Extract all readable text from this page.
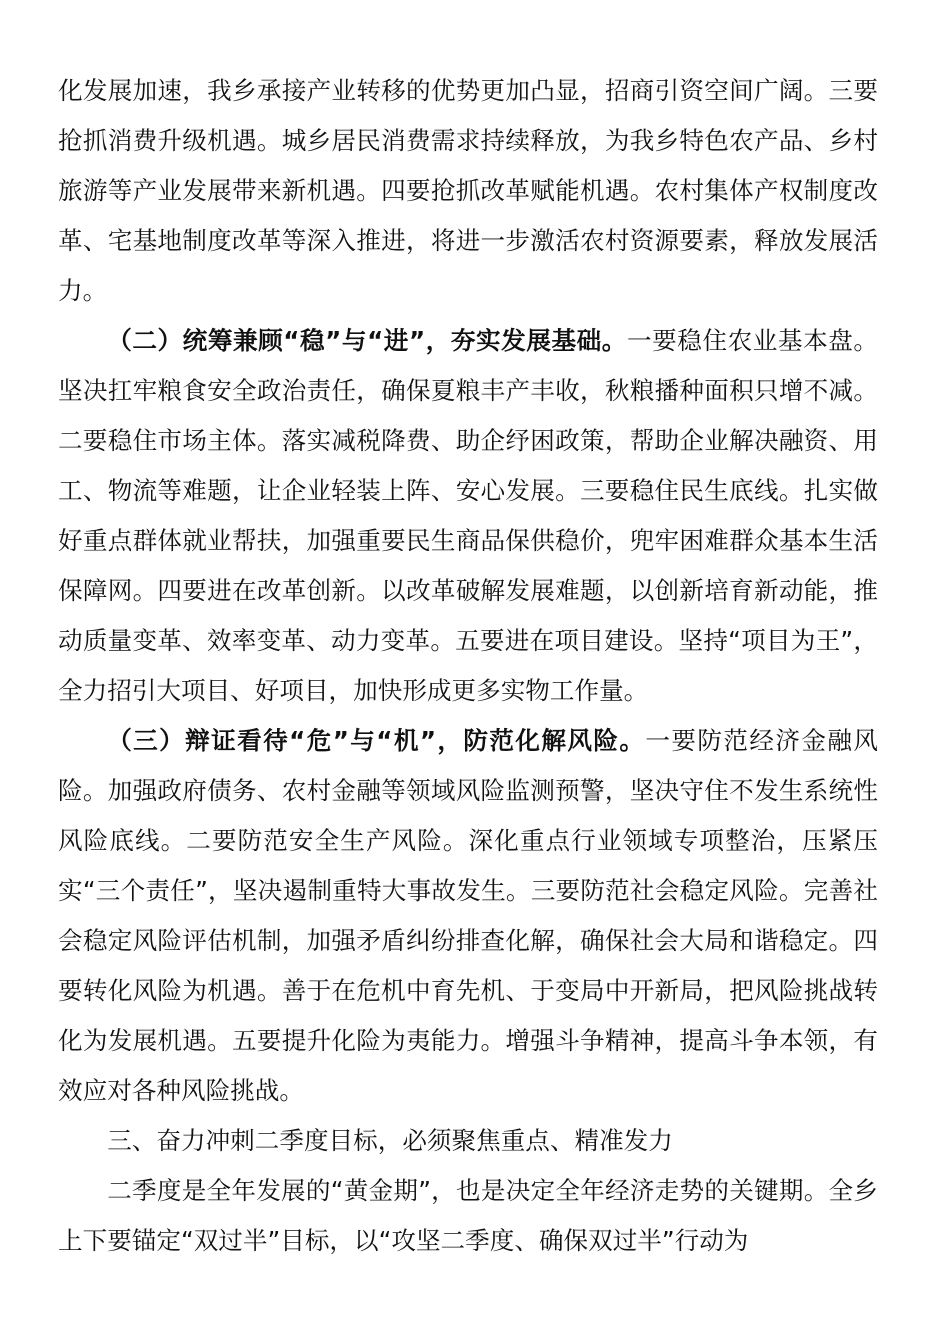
化发展加速，我乡承接产业转移的优势更加凸显，招商引资空间广阔。三要抢抓消费升级机遇。城乡居民消费需求持续释放，为我乡特色农产品、乡村旅游等产业发展带来新机遇。四要抢抓改革赋能机遇。农村集体产权制度改革、宅基地制度改革等深入推进，将进一步激活农村资源要素，释放发展活力。

（二）统筹兼顾“稳”与“进”，夯实发展基础。一要稳住农业基本盘。坚决扛牢粮食安全政治责任，确保夏粮丰产丰收，秋粮播种面积只增不减。二要稳住市场主体。落实减税降费、助企纾困政策，帮助企业解决融资、用工、物流等难题，让企业轻装上阵、安心发展。三要稳住民生底线。扎实做好重点群体就业帮扶，加强重要民生商品保供稳价，兜牢困难群众基本生活保障网。四要进在改革创新。以改革破解发展难题，以创新培育新动能，推动质量变革、效率变革、动力变革。五要进在项目建设。坚持“项目为王”，全力招引大项目、好项目，加快形成更多实物工作量。

（三）辩证看待“危”与“机”，防范化解风险。一要防范经济金融风险。加强政府债务、农村金融等领域风险监测预警，坚决守住不发生系统性风险底线。二要防范安全生产风险。深化重点行业领域专项整治，压紧压实“三个责任”，坚决遏制重特大事故发生。三要防范社会稳定风险。完善社会稳定风险评估机制，加强矛盾纠纷排查化解，确保社会大局和谐稳定。四要转化风险为机遇。善于在危机中育先机、于变局中开新局，把风险挑战转化为发展机遇。五要提升化险为夷能力。增强斗争精神，提高斗争本领，有效应对各种风险挑战。

三、奋力冲刺二季度目标，必须聚焦重点、精准发力

二季度是全年发展的“黄金期”，也是决定全年经济走势的关键期。全乡上下要锚定“双过半”目标，以“攻坚二季度、确保双过半”行动为
